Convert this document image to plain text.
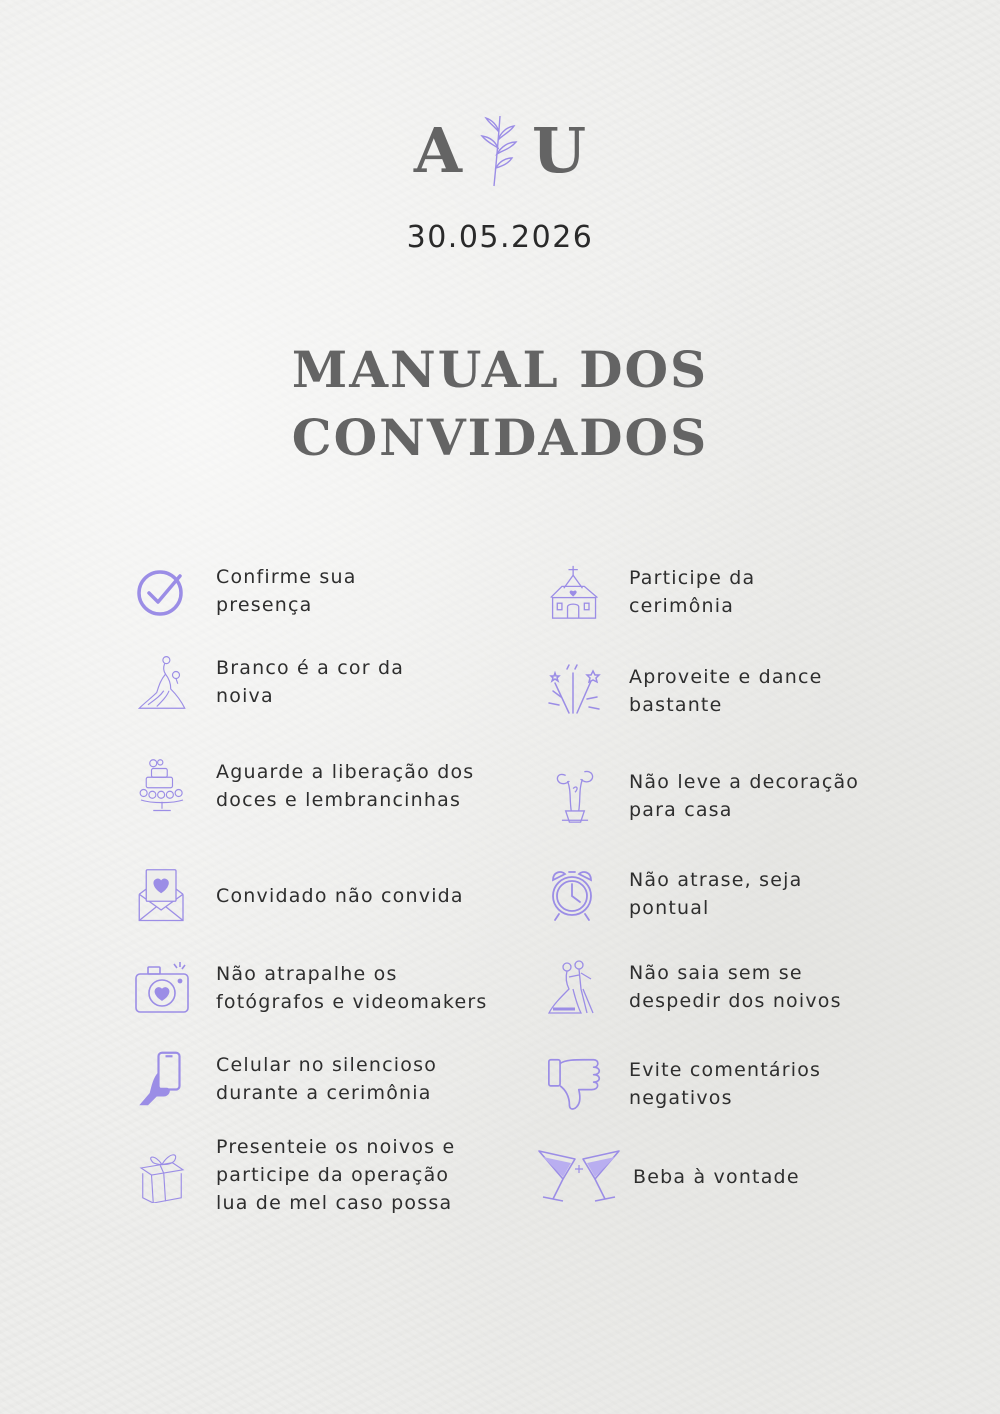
A U
30.05.2026
MANUAL DOS
CONVIDADOS
Confirme sua
presença
Branco é a cor da
noiva
Aguarde a liberação dos
doces e lembrancinhas
Convidado não convida
Não atrapalhe os
fotógrafos e videomakers
Celular no silencioso
durante a cerimônia
Presenteie os noivos e
participe da operação
lua de mel caso possa
Participe da
cerimônia
Aproveite e dance
bastante
Não leve a decoração
para casa
Não atrase, seja
pontual
Não saia sem se
despedir dos noivos
Evite comentários
negativos
Beba à vontade
